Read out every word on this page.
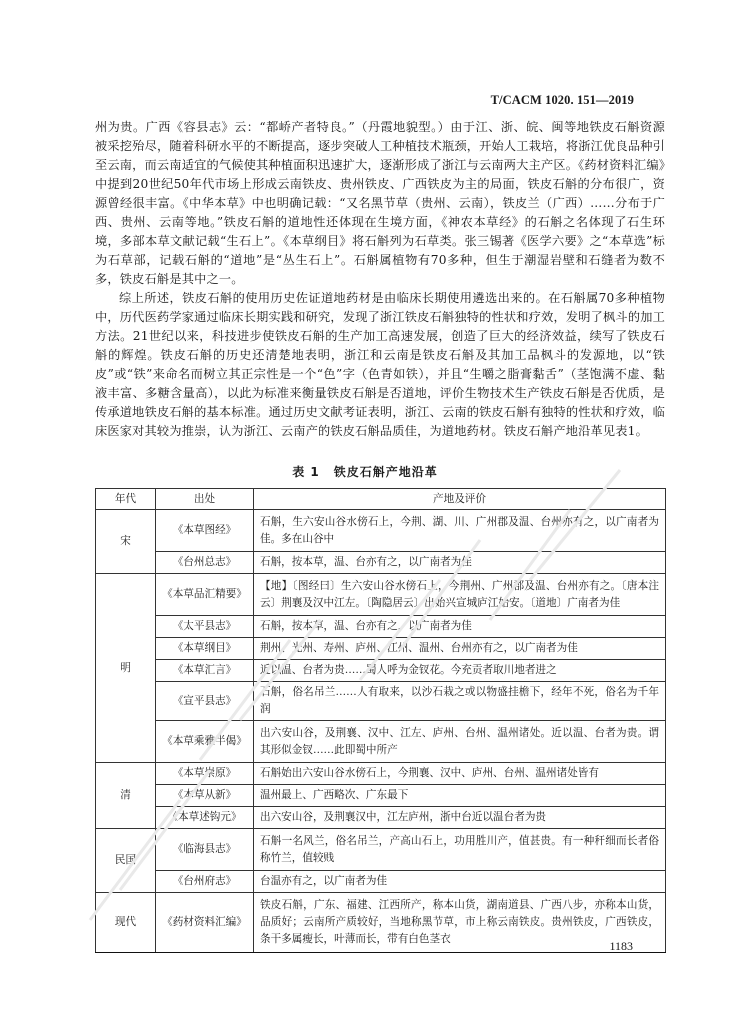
T/CACM 1020. 151—2019

州为贵。广西《容县志》云：“都峤产者特良。”（丹霞地貌型。）由于江、浙、皖、闽等地铁皮石斛资源被采挖殆尽，随着科研水平的不断提高，逐步突破人工种植技术瓶颈，开始人工栽培，将浙江优良品种引至云南，而云南适宜的气候使其种植面积迅速扩大，逐渐形成了浙江与云南两大主产区。《药材资料汇编》中提到20世纪50年代市场上形成云南铁皮、贵州铁皮、广西铁皮为主的局面，铁皮石斛的分布很广，资源曾经很丰富。《中华本草》中也明确记载：“又名黑节草（贵州、云南），铁皮兰（广西）……分布于广西、贵州、云南等地。”铁皮石斛的道地性还体现在生境方面，《神农本草经》的石斛之名体现了石生环境，多部本草文献记载“生石上”。《本草纲目》将石斛列为石草类。张三锡著《医学六要》之“本草选”标为石草部，记载石斛的“道地”是“丛生石上”。石斛属植物有70多种，但生于潮湿岩壁和石缝者为数不多，铁皮石斛是其中之一。

综上所述，铁皮石斛的使用历史佐证道地药材是由临床长期使用遴选出来的。在石斛属70多种植物中，历代医药学家通过临床长期实践和研究，发现了浙江铁皮石斛独特的性状和疗效，发明了枫斗的加工方法。21世纪以来，科技进步使铁皮石斛的生产加工高速发展，创造了巨大的经济效益，续写了铁皮石斛的辉煌。铁皮石斛的历史还清楚地表明，浙江和云南是铁皮石斛及其加工品枫斗的发源地，以“铁皮”或“铁”来命名而树立其正宗性是一个“色”字（色青如铁），并且“生嚼之脂膏黏舌”（茎饱满不虚、黏液丰富、多糖含量高），以此为标准来衡量铁皮石斛是否道地，评价生物技术生产铁皮石斛是否优质，是传承道地铁皮石斛的基本标准。通过历史文献考证表明，浙江、云南的铁皮石斛有独特的性状和疗效，临床医家对其较为推崇，认为浙江、云南产的铁皮石斛品质佳，为道地药材。铁皮石斛产地沿革见表1。

表 1 铁皮石斛产地沿革
年代	出处	产地及评价
宋	《本草图经》	石斛，生六安山谷水傍石上，今荆、湖、川、广州郡及温、台州亦有之，以广南者为佳。多在山谷中
	《台州总志》	石斛，按本草，温、台亦有之，以广南者为佳
明	《本草品汇精要》	【地】〔图经曰〕生六安山谷水傍石上，今荆州、广州郡及温、台州亦有之。〔唐本注云〕荆襄及汉中江左。〔陶隐居云〕出始兴宣城庐江始安。〔道地〕广南者为佳
	《太平县志》	石斛，按本草，温、台亦有之，以广南者为佳
	《本草纲目》	荆州、光州、寿州、庐州、江州、温州、台州亦有之，以广南者为佳
	《本草汇言》	近以温、台者为贵……蜀人呼为金钗花。今充贡者取川地者进之
	《宣平县志》	石斛，俗名吊兰……人有取来，以沙石栽之或以物盛挂檐下，经年不死，俗名为千年润
	《本草乘雅半偈》	出六安山谷，及荆襄、汉中、江左、庐州、台州、温州诸处。近以温、台者为贵。谓其形似金钗……此即蜀中所产
清	《本草崇原》	石斛始出六安山谷水傍石上，今荆襄、汉中、庐州、台州、温州诸处皆有
	《本草从新》	温州最上、广西略次、广东最下
	《本草述钩元》	出六安山谷，及荆襄汉中，江左庐州，浙中台近以温台者为贵
民国	《临海县志》	石斛一名风兰，俗名吊兰，产高山石上，功用胜川产，值甚贵。有一种秆细而长者俗称竹兰，值较贱
	《台州府志》	台温亦有之，以广南者为佳
现代	《药材资料汇编》	铁皮石斛，广东、福建、江西所产，称本山货，湖南道县、广西八步，亦称本山货，品质好；云南所产质较好，当地称黑节草，市上称云南铁皮。贵州铁皮，广西铁皮，条干多属瘦长，叶薄而长，带有白色茎衣	1183
